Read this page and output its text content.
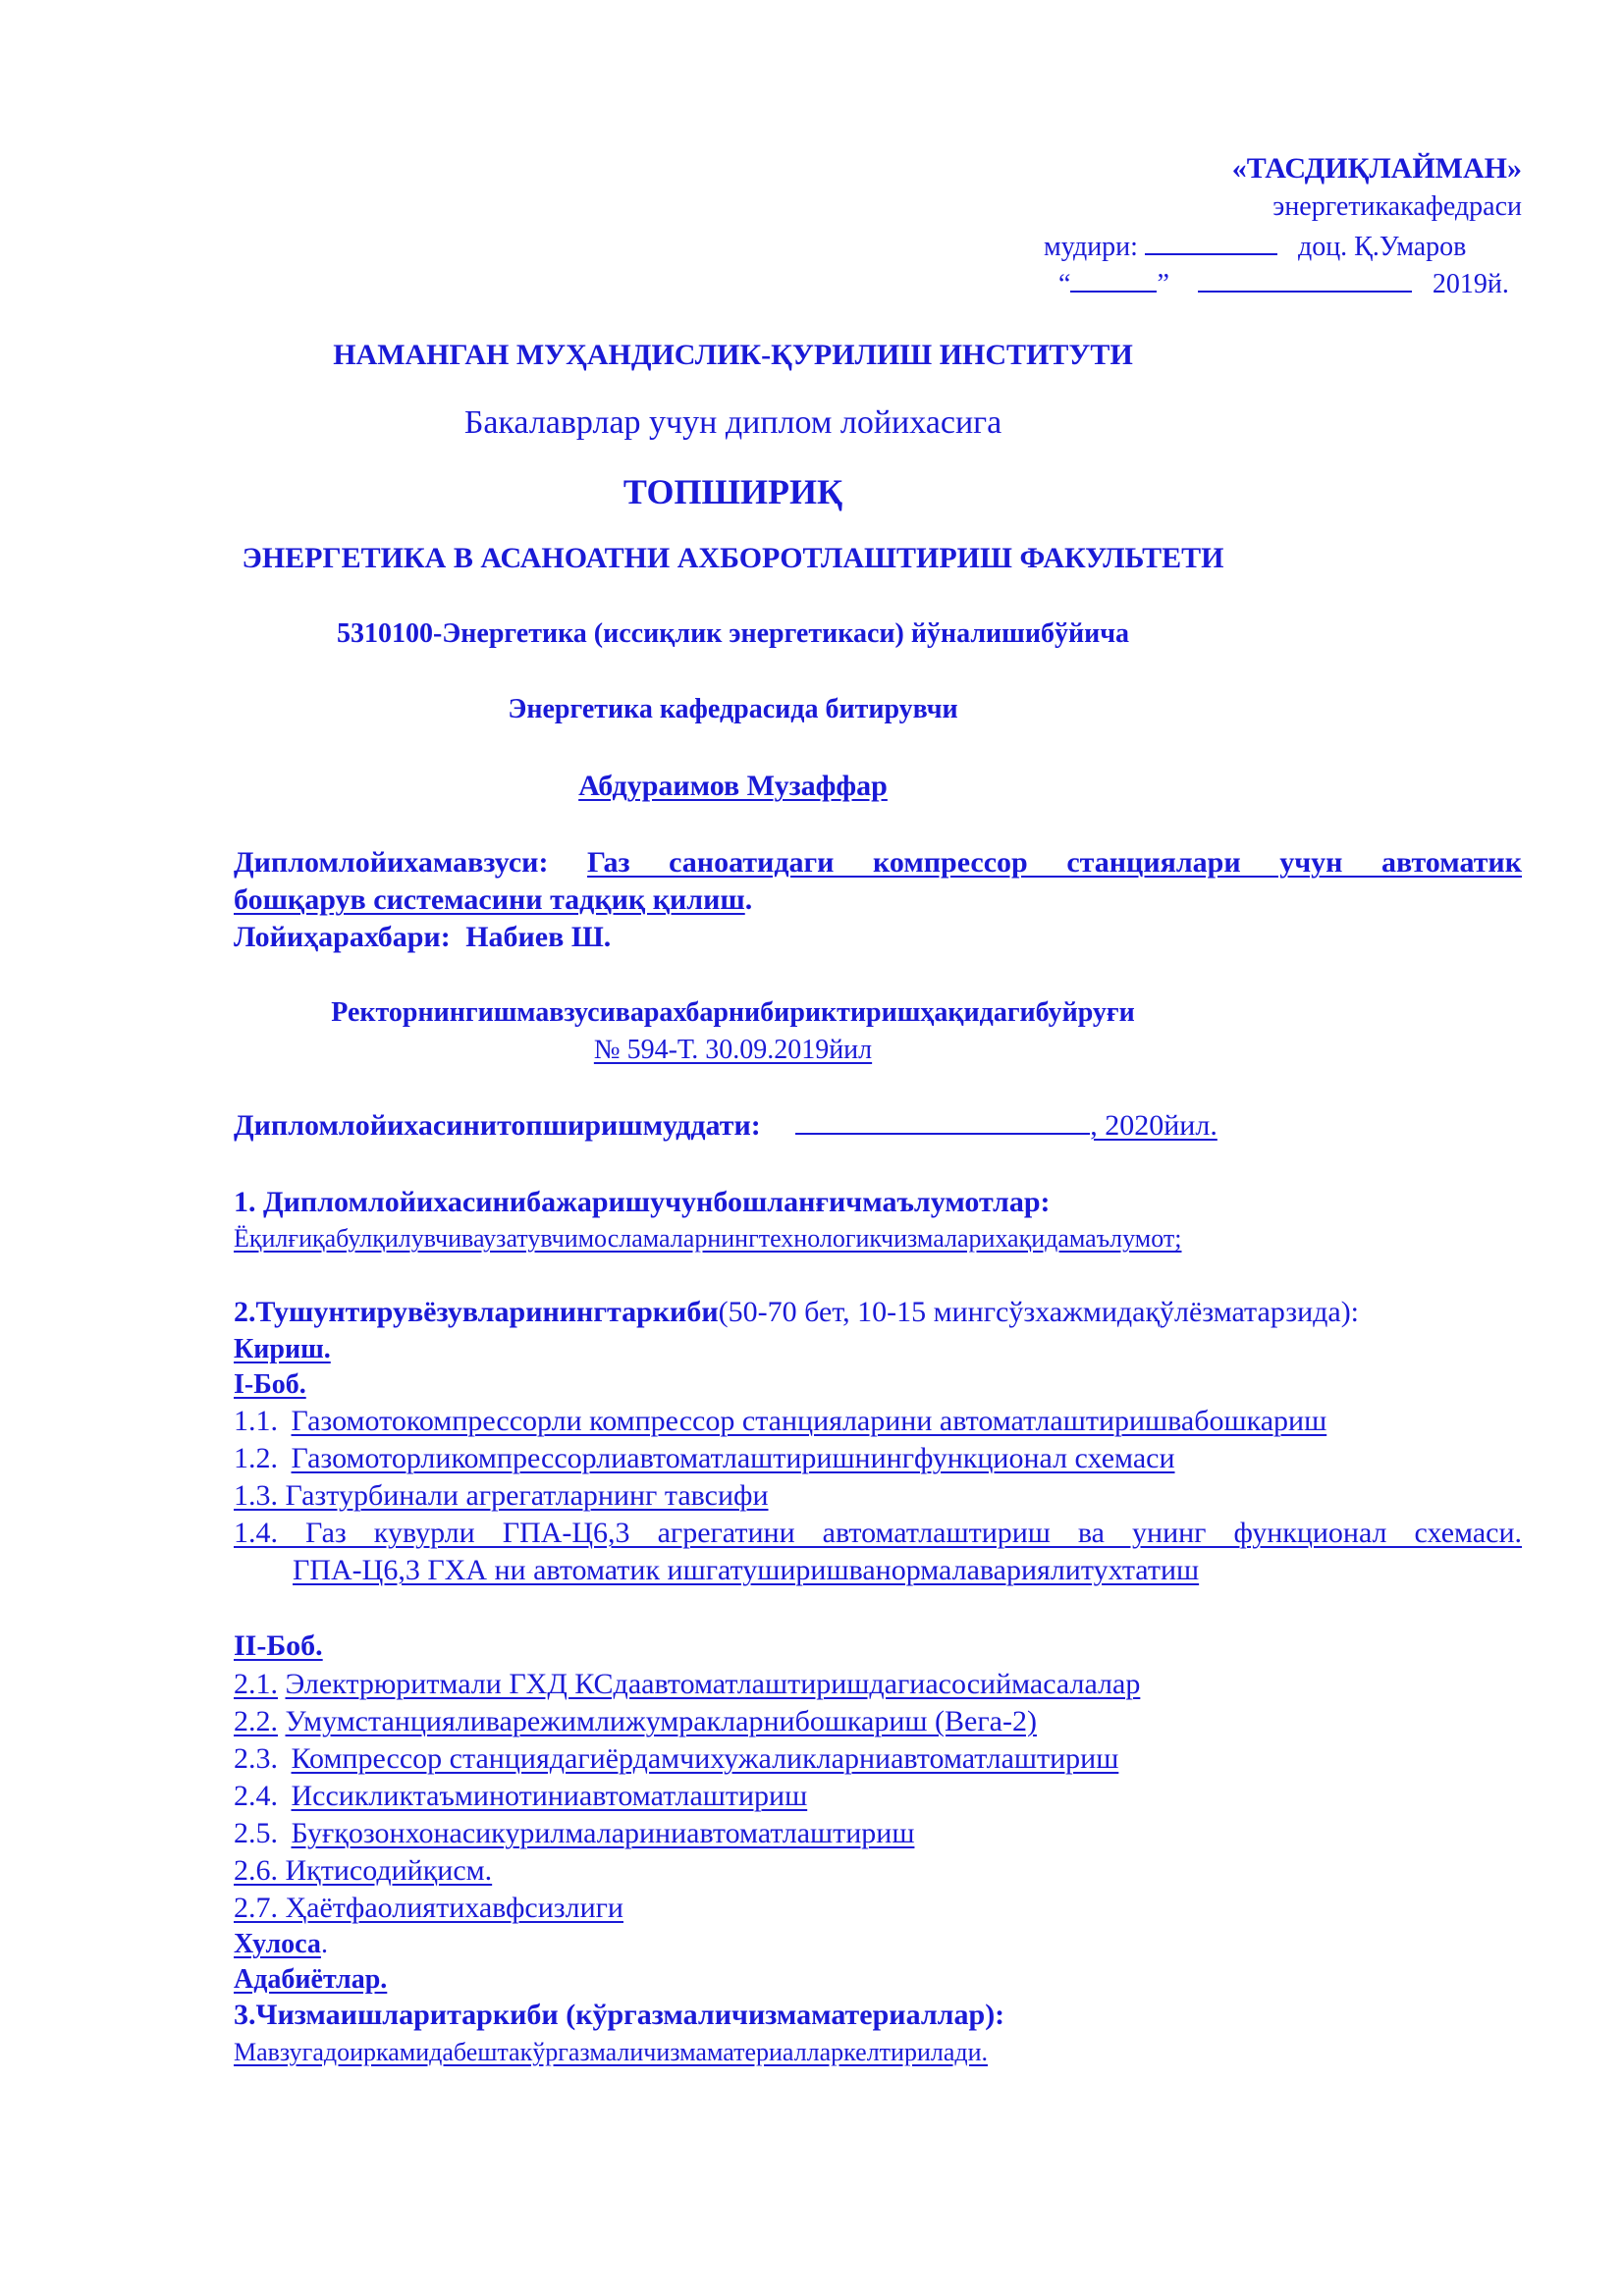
«ТАСДИҚЛАЙМАН»
энергетикакафедраси
мудири:	доц. Қ.Умаров
“	”	2019й.
НАМАНГАН МУҲАНДИСЛИК-ҚУРИЛИШ ИНСТИТУТИ
Бакалаврлар учун диплом лойихасига
ТОПШИРИҚ
ЭНЕРГЕТИКА В АСАНОАТНИ АХБОРОТЛАШТИРИШ ФАКУЛЬТЕТИ
5310100-Энергетика (иссиқлик энергетикаси) йўналишибўйича
Энергетика кафедрасида битирувчи
Абдураимов Музаффар
Дипломлойихамавзуси: Газ саноатидаги компрессор станциялари учун автоматик
бошқарув системасини тадқиқ қилиш.
Лойиҳарахбари: Набиев Ш.
Ректорнингишмавзусиварахбарнибириктиришҳақидагибуйруғи
№ 594-Т. 30.09.2019йил
Дипломлойихасинитопширишмуддати:	, 2020йил.
1. Дипломлойихасинибажаришучунбошланғичмаълумотлар:
Ёқилғиқабулқилувчиваузатувчимосламаларнингтехнологикчизмаларихақидамаълумот;
2.Тушунтирувёзувларинингтаркиби(50-70 бет, 10-15 мингсўзхажмидақўлёзматарзида):
Кириш.
I-Боб.
1.1. Газомотокомпрессорли компрессор станцияларини автоматлаштиришвабошкариш
1.2. Газомоторликомпрессорлиавтоматлаштиришнингфункционал схемаси
1.3. Газтурбинали агрегатларнинг тавсифи
1.4. Газ кувурли ГПА-Ц6,3 агрегатини автоматлаштириш ва унинг функционал схемаси.
ГПА-Ц6,3 ГХА ни автоматик ишгатуширишванормалавариялитухтатиш
II-Боб.
2.1. Электрюритмали ГХД КСдаавтоматлаштиришдагиасосиймасалалар
2.2. Умумстанцияливарежимлижумракларнибошкариш (Вега-2)
2.3. Компрессор станциядагиёрдамчихужаликларниавтоматлаштириш
2.4. Иссикликтаъминотиниавтоматлаштириш
2.5. Буғқозонхонасикурилмалариниавтоматлаштириш
2.6. Иқтисодийқисм.
2.7. Ҳаётфаолиятихавфсизлиги
Хулоса.
Адабиётлар.
3.Чизмаишларитаркиби (кўргазмаличизмаматериаллар):
Мавзугадоиркамидабештакўргазмаличизмаматериалларкелтирилади.
